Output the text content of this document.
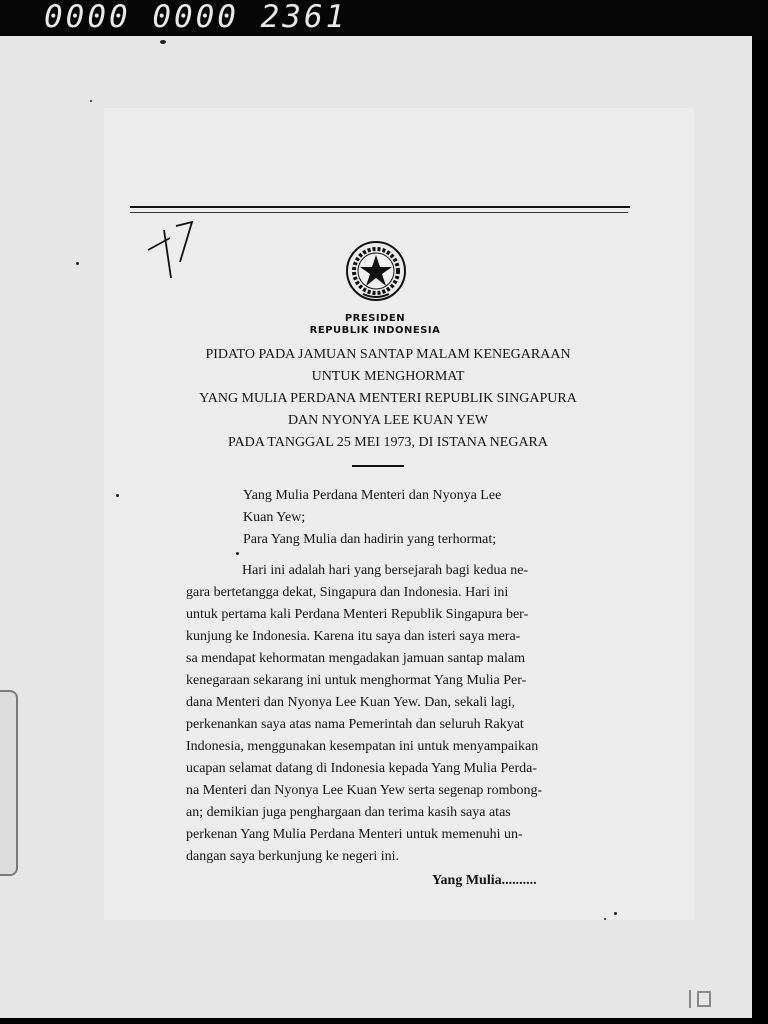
0000 0000 2361
PRESIDEN
REPUBLIK INDONESIA
PIDATO PADA JAMUAN SANTAP MALAM KENEGARAAN
UNTUK MENGHORMAT
YANG MULIA PERDANA MENTERI REPUBLIK SINGAPURA
DAN NYONYA LEE KUAN YEW
PADA TANGGAL 25 MEI 1973, DI ISTANA NEGARA
Yang Mulia Perdana Menteri dan Nyonya Lee
Kuan Yew;
Para Yang Mulia dan hadirin yang terhormat;
Hari ini adalah hari yang bersejarah bagi kedua ne-
gara bertetangga dekat, Singapura dan Indonesia. Hari ini
untuk pertama kali Perdana Menteri Republik Singapura ber-
kunjung ke Indonesia. Karena itu saya dan isteri saya mera-
sa mendapat kehormatan mengadakan jamuan santap malam
kenegaraan sekarang ini untuk menghormat Yang Mulia Per-
dana Menteri dan Nyonya Lee Kuan Yew. Dan, sekali lagi,
perkenankan saya atas nama Pemerintah dan seluruh Rakyat
Indonesia, menggunakan kesempatan ini untuk menyampaikan
ucapan selamat datang di Indonesia kepada Yang Mulia Perda-
na Menteri dan Nyonya Lee Kuan Yew serta segenap rombong-
an; demikian juga penghargaan dan terima kasih saya atas
perkenan Yang Mulia Perdana Menteri untuk memenuhi un-
dangan saya berkunjung ke negeri ini.
Yang Mulia..........
